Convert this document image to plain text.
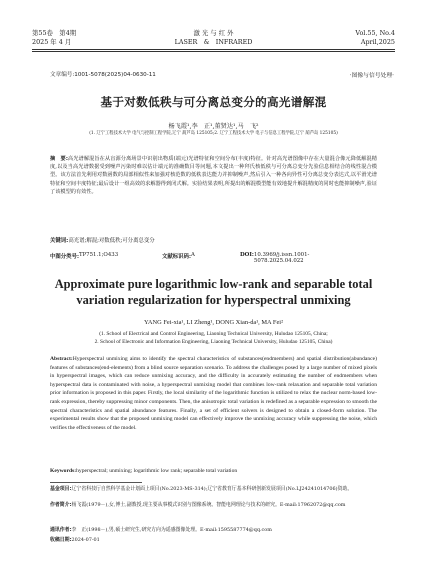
第55卷　第4期	激 光 与 红 外	Vol.55, No.4
2025 年 4 月	LASER　&　INFRARED	April,2025
文章编号:1001-5078(2025)04-0630-11	·图像与信号处理·
基于对数低秩与可分离总变分的高光谱解混
杨飞霞¹,李　正¹,董贤达¹,马　飞²
(1. 辽宁工程技术大学 电气与控制工程学院,辽宁 葫芦岛 125105;2. 辽宁工程技术大学 电子与信息工程学院,辽宁 葫芦岛 125105)
摘　要:高光谱解混旨在从盲源分离场景中识别出物质(端元)光谱特征和空间分布(丰度)特征。针对高光谱图像中存在大量混合像元降低解混精度,以及当高光谱数据受到噪声污染时难以估计端元的准确数目等问题,本文提出一种拜氏核低秩与可分离总变分先验信息相结合的线性混合模型。该方法首先利用对数函数的局部相似性来加强对核范数的低秩表达能力并抑制噪声,然后引入一种各向异性可分离总变分表达式,以平滑光谱特征和空间丰度特征;最后设计一组高效的求解器得到闭式解。实验结果表明,所提出的解混模型能有效地提升解混精度的同时也能抑制噪声,验证了该模型的有效性。
关键词:高光谱;解混;对数低秩;可分离总变分
中图分类号: TP751.1;O433	文献标识码: A	DOI: 10.3969/j.issn.1001-5078.2025.04.022
Approximate pure logarithmic low-rank and separable total variation regularization for hyperspectral unmixing
YANG Fei-xia¹, LI Zheng¹, DONG Xian-da¹, MA Fei²
(1. School of Electrical and Control Engineering, Liaoning Technical University, Huludao 125105, China;
2. School of Electronic and Information Engineering, Liaoning Technical University, Huludao 125105, China)
Abstract:Hyperspectral unmixing aims to identify the spectral characteristics of substances(endmembers) and spatial distribution(abundance) features of substances(end-elements) from a blind source separation scenario. To address the challenges posed by a large number of mixed pixels in hyperspectral images, which can reduce unmixing accuracy, and the difficulty in accurately estimating the number of endmembers when hyperspectral data is contaminated with noise, a hyperspectral unmixing model that combines low-rank relaxation and separable total variation prior information is proposed in this paper. Firstly, the local similarity of the logarithmic function is utilized to relax the nuclear norm-based low-rank expression, thereby suppressing minor components. Then, the anisotropic total variation is redefined as a separable expression to smooth the spectral characteristics and spatial abundance features. Finally, a set of efficient solvers is designed to obtain a closed-form solution. The experimental results show that the proposed unmixing model can effectively improve the unmixing accuracy while suppressing the noise, which verifies the effectiveness of the model.
Keywords:hyperspectral; unmixing; logarithmic low rank; separable total variation
基金项目:辽宁省科技厅自然科学基金计划面上项目(No.2023-MS-314);辽宁省教育厅基本科研创新发展项目(No.LJ24241014706)资助。
作者简介:杨飞霞(1979－),女,博士,副教授,现主要从事模式识别与图像系统、智能电网理论与技术的研究。E-mail:17962072@qq.com
通讯作者:李　正(1998－),男,硕士研究生,研究方向为遥感图像处理。E-mail:1595587774@qq.com
收稿日期:2024-07-01
